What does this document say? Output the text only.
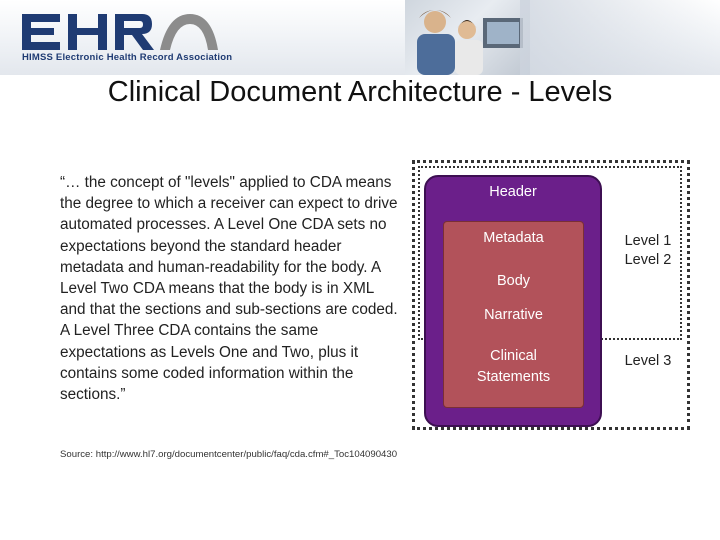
HIMSS Electronic Health Record Association
Clinical Document Architecture - Levels
“… the concept of "levels" applied to CDA means the degree to which a receiver can expect to drive automated processes. A Level One CDA sets no expectations beyond the standard header metadata and human-readability for the body. A Level Two CDA means that the body is in XML and that the sections and sub-sections are coded. A Level Three CDA contains the same expectations as Levels One and Two, plus it contains some coded information within the sections.”
Source: http://www.hl7.org/documentcenter/public/faq/cda.cfm#_Toc104090430
Header
Metadata
Body
Narrative
Clinical
Statements
Level 1
Level 2
Level 3
